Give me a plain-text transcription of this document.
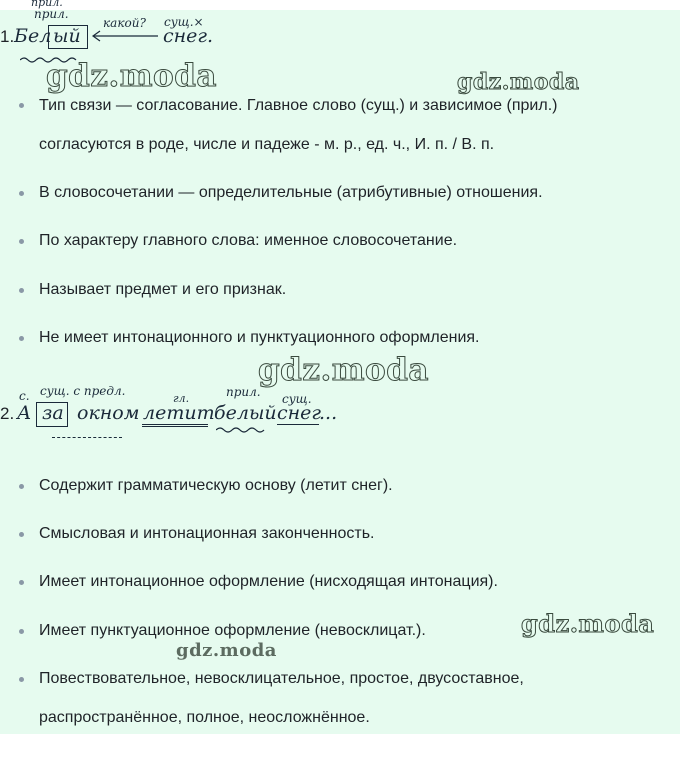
прил.
прил.
какой? сущ.×
1. Бел ый	снег.
gdz.moda	gdz.moda
Тип связи — согласование. Главное слово (сущ.) и зависимое (прил.)
согласуются в роде, числе и падеже - м. р., ед. ч., И. п. / В. п.
В словосочетании — определительные (атрибутивные) отношения.
По характеру главного слова: именное словосочетание.
Называет предмет и его признак.
Не имеет интонационного и пунктуационного оформления.
gdz.moda
с. сущ. с предл.
гл.	прил. сущ.
2. А за окном летит белый снег
...
Содержит грамматическую основу (летит снег).
Смысловая и интонационная законченность.
Имеет интонационное оформление (нисходящая интонация).
Имеет пунктуационное оформление (невосклицат.).	gdz.moda
gdz.moda
Повествовательное, невосклицательное, простое, двусоставное,
распространённое, полное, неосложнённое.
